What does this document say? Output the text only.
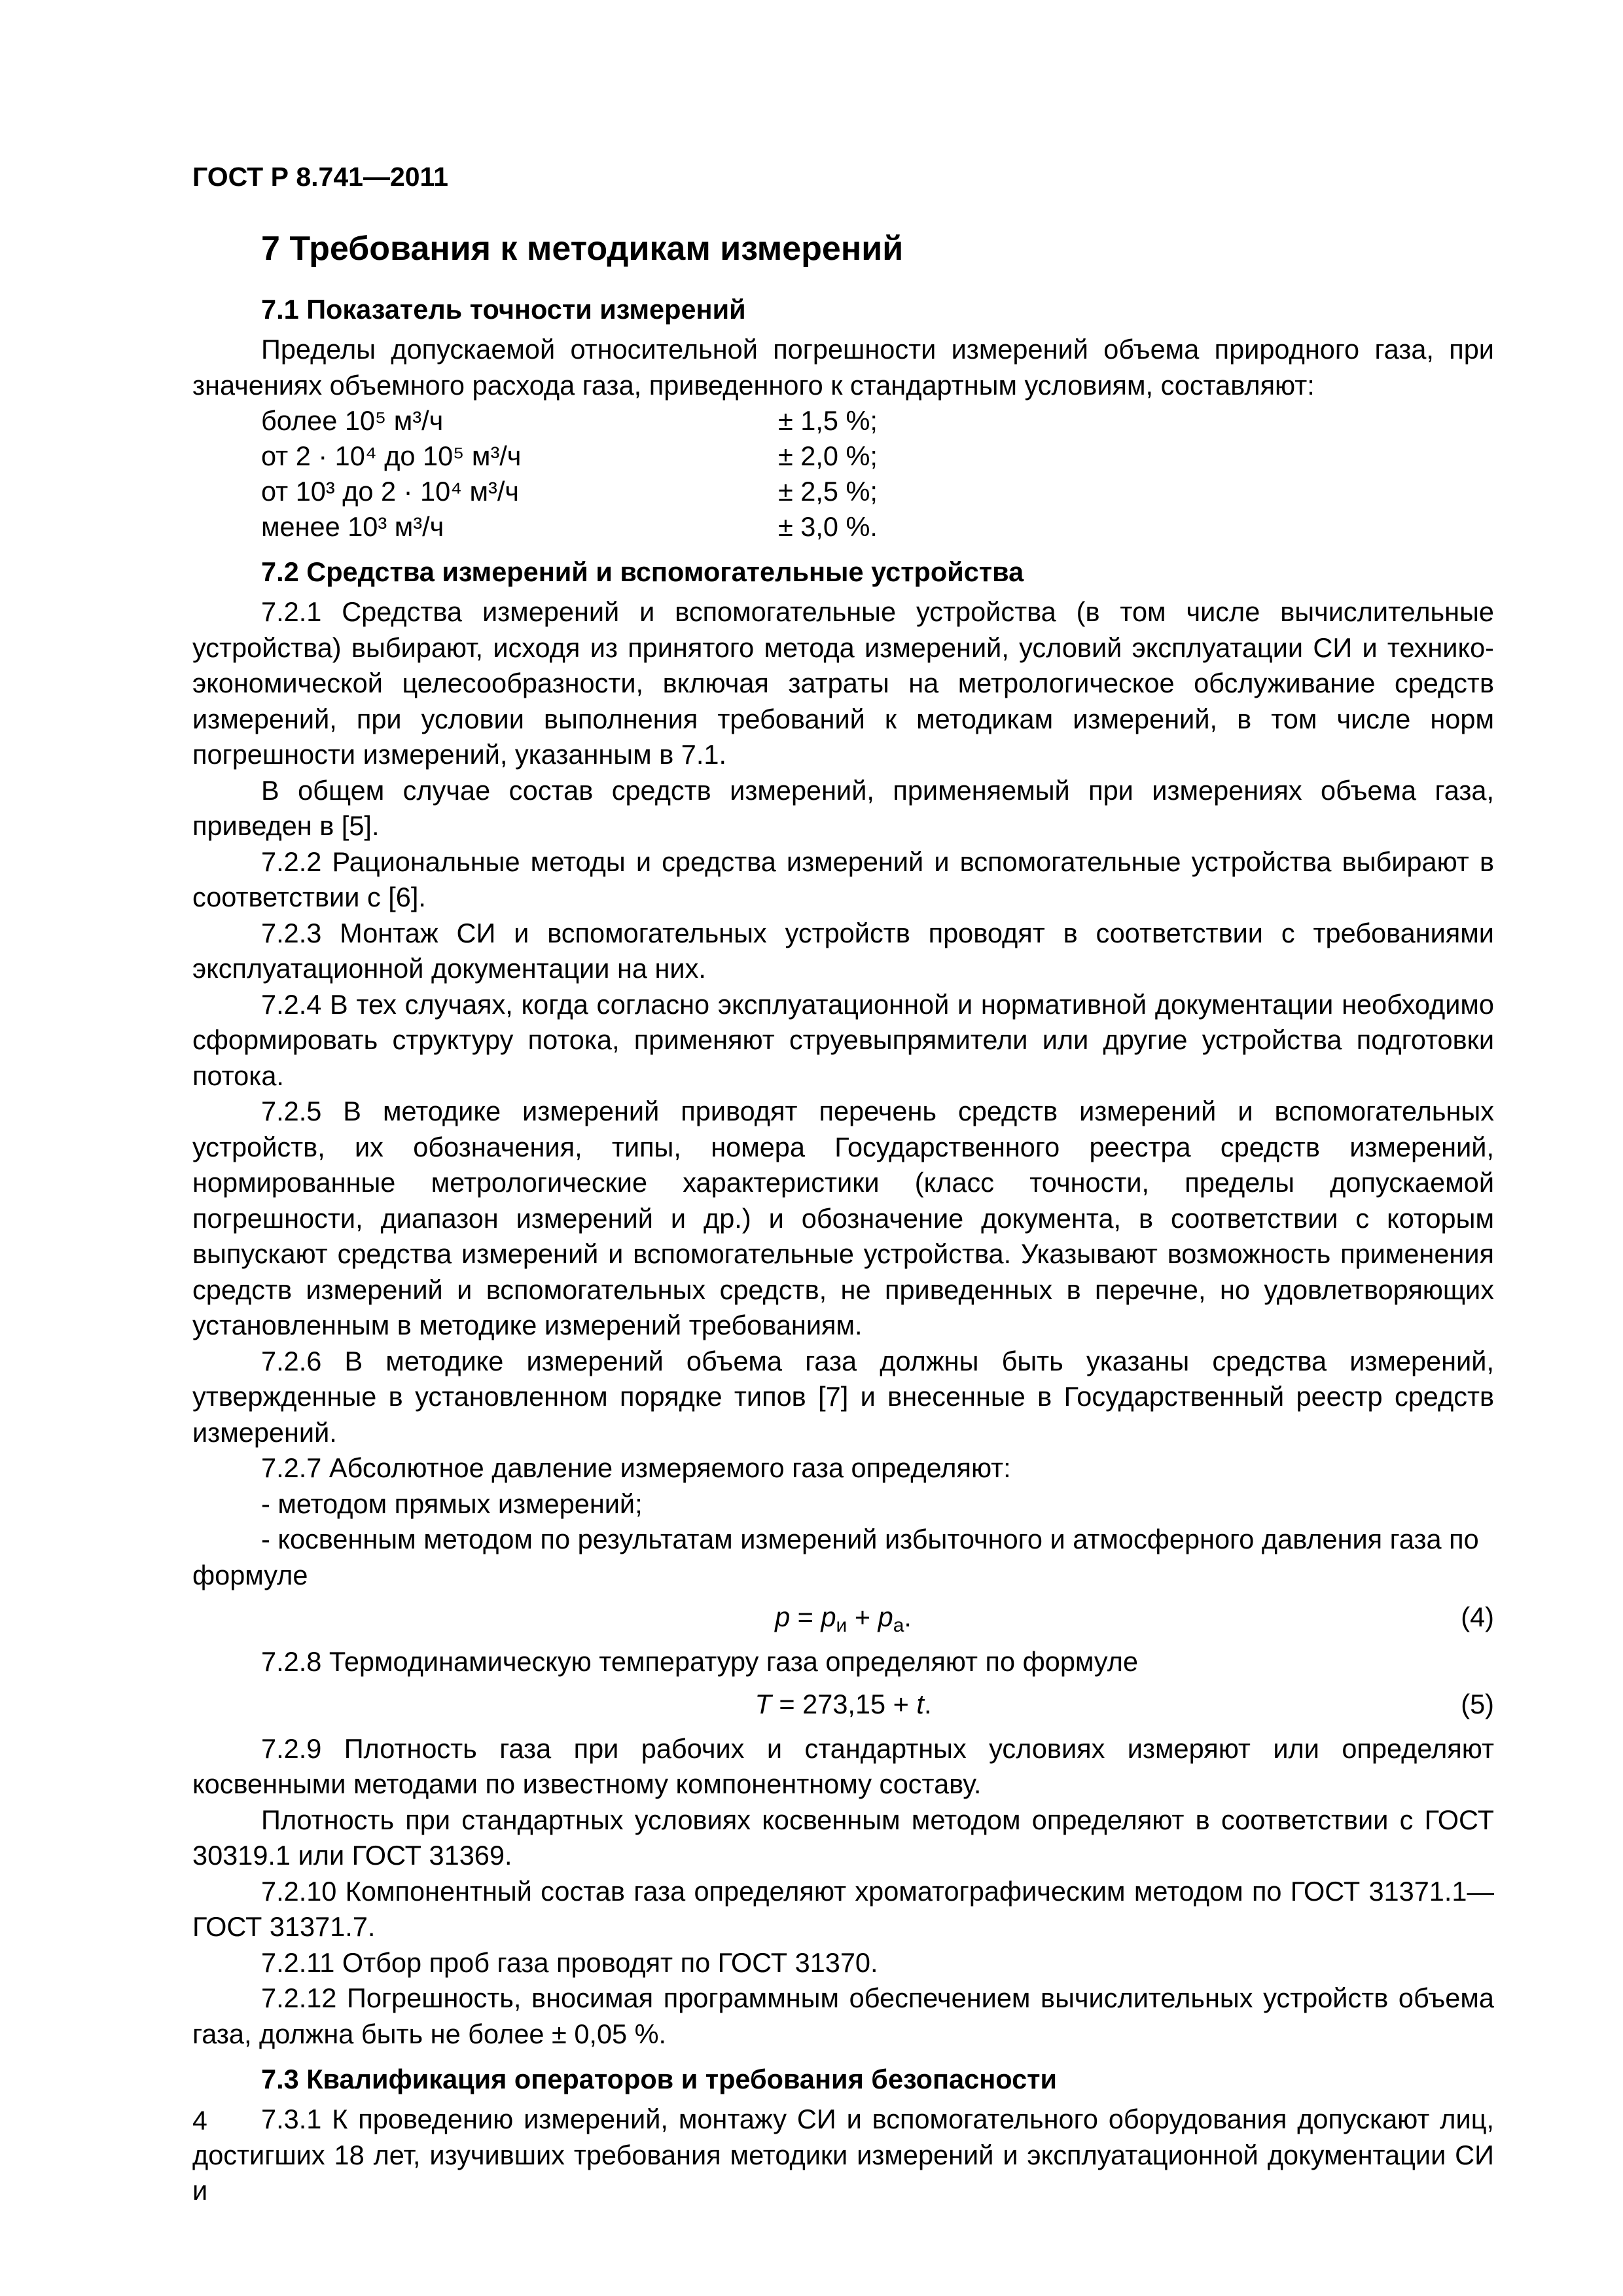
ГОСТ Р 8.741—2011
7 Требования к методикам измерений
7.1 Показатель точности измерений

Пределы допускаемой относительной погрешности измерений объема природного газа, при значениях объемного расхода газа, приведенного к стандартным условиям, составляют:

более 10⁵ м³/ч	± 1,5 %;
от 2 · 10⁴ до 10⁵ м³/ч	± 2,0 %;
от 10³ до 2 · 10⁴ м³/ч	± 2,5 %;
менее 10³ м³/ч	± 3,0 %.
7.2 Средства измерений и вспомогательные устройства

7.2.1 Средства измерений и вспомогательные устройства (в том числе вычислительные устройства) выбирают, исходя из принятого метода измерений, условий эксплуатации СИ и технико-экономической целесообразности, включая затраты на метрологическое обслуживание средств измерений, при условии выполнения требований к методикам измерений, в том числе норм погрешности измерений, указанным в 7.1.

В общем случае состав средств измерений, применяемый при измерениях объема газа, приведен в [5].

7.2.2 Рациональные методы и средства измерений и вспомогательные устройства выбирают в соответствии с [6].

7.2.3 Монтаж СИ и вспомогательных устройств проводят в соответствии с требованиями эксплуатационной документации на них.

7.2.4 В тех случаях, когда согласно эксплуатационной и нормативной документации необходимо сформировать структуру потока, применяют струевыпрямители или другие устройства подготовки потока.

7.2.5 В методике измерений приводят перечень средств измерений и вспомогательных устройств, их обозначения, типы, номера Государственного реестра средств измерений, нормированные метрологические характеристики (класс точности, пределы допускаемой погрешности, диапазон измерений и др.) и обозначение документа, в соответствии с которым выпускают средства измерений и вспомогательные устройства. Указывают возможность применения средств измерений и вспомогательных средств, не приведенных в перечне, но удовлетворяющих установленным в методике измерений требованиям.

7.2.6 В методике измерений объема газа должны быть указаны средства измерений, утвержденные в установленном порядке типов [7] и внесенные в Государственный реестр средств измерений.

7.2.7 Абсолютное давление измеряемого газа определяют:

- методом прямых измерений;
- косвенным методом по результатам измерений избыточного и атмосферного давления газа по
формуле
$p = p_и + p_а$.	(4)

7.2.8 Термодинамическую температуру газа определяют по формуле

T = 273,15 + t.	(5)

7.2.9 Плотность газа при рабочих и стандартных условиях измеряют или определяют косвенными методами по известному компонентному составу.

Плотность при стандартных условиях косвенным методом определяют в соответствии с ГОСТ 30319.1 или ГОСТ 31369.

7.2.10 Компонентный состав газа определяют хроматографическим методом по ГОСТ 31371.1—ГОСТ 31371.7.

7.2.11 Отбор проб газа проводят по ГОСТ 31370.

7.2.12 Погрешность, вносимая программным обеспечением вычислительных устройств объема газа, должна быть не более ± 0,05 %.

7.3 Квалификация операторов и требования безопасности

7.3.1 К проведению измерений, монтажу СИ и вспомогательного оборудования допускают лиц, достигших 18 лет, изучивших требования методики измерений и эксплуатационной документации СИ и

4
